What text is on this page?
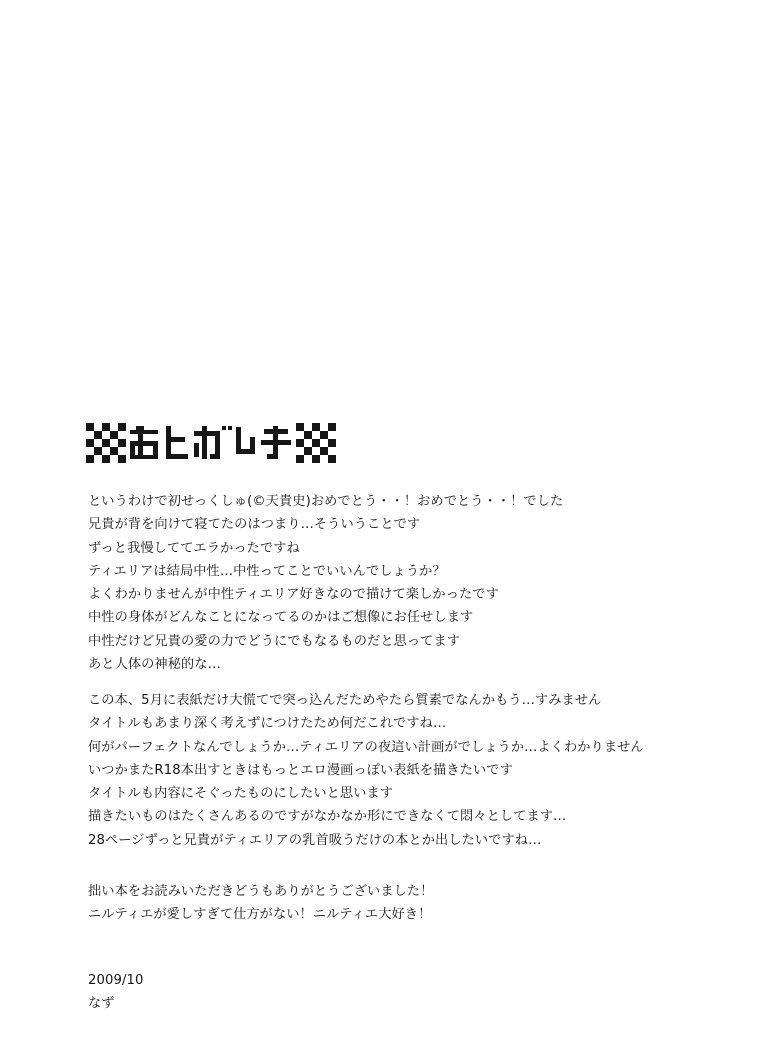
というわけで初せっくしゅ(©天貴史)おめでとう・・！おめでとう・・！でした
兄貴が背を向けて寝てたのはつまり…そういうことです
ずっと我慢しててエラかったですね
ティエリアは結局中性…中性ってことでいいんでしょうか？
よくわかりませんが中性ティエリア好きなので描けて楽しかったです
中性の身体がどんなことになってるのかはご想像にお任せします
中性だけど兄貴の愛の力でどうにでもなるものだと思ってます
あと人体の神秘的な…
この本、5月に表紙だけ大慌てで突っ込んだためやたら質素でなんかもう…すみません
タイトルもあまり深く考えずにつけたため何だこれですね…
何がパーフェクトなんでしょうか…ティエリアの夜這い計画がでしょうか…よくわかりません
いつかまたR18本出すときはもっとエロ漫画っぽい表紙を描きたいです
タイトルも内容にそぐったものにしたいと思います
描きたいものはたくさんあるのですがなかなか形にできなくて悶々としてます…
28ページずっと兄貴がティエリアの乳首吸うだけの本とか出したいですね…
拙い本をお読みいただきどうもありがとうございました！
ニルティエが愛しすぎて仕方がない！ニルティエ大好き！
2009/10
なず
